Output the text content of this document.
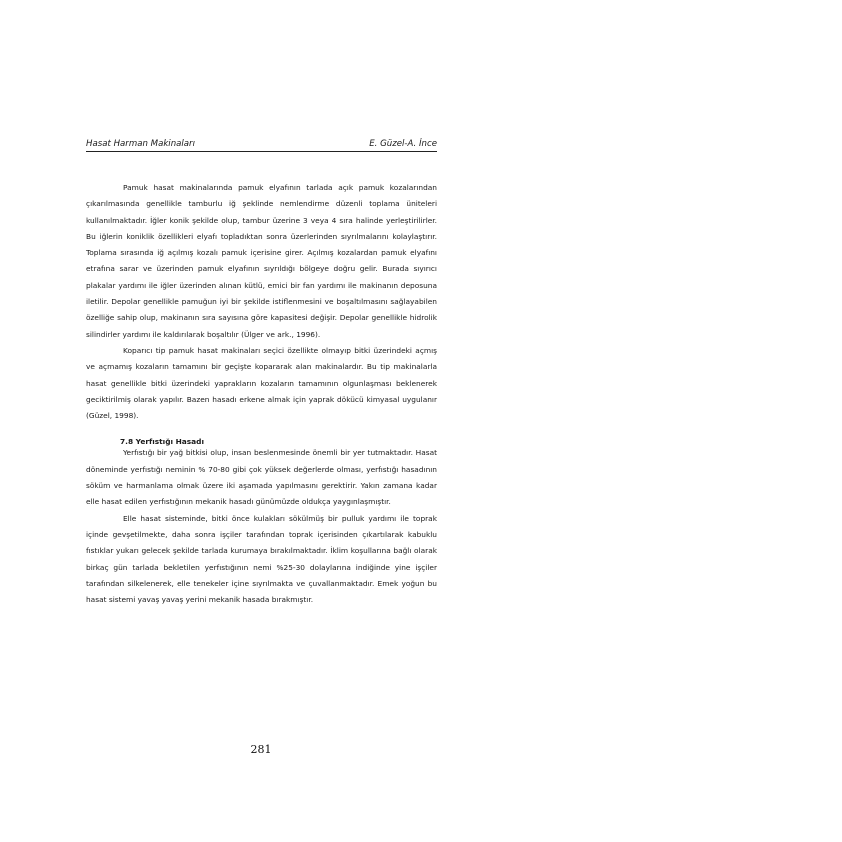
Hasat Harman Makinaları	E. Güzel-A. İnce

Pamuk hasat makinalarında pamuk elyafının tarlada açık pamuk kozalarından çıkarılmasında genellikle tamburlu iğ şeklinde nemlendirme düzenli toplama üniteleri kullanılmaktadır. İğler konik şekilde olup, tambur üzerine 3 veya 4 sıra halinde yerleştirilirler. Bu iğlerin koniklik özellikleri elyafı topladıktan sonra üzerlerinden sıyrılmalarını kolaylaştırır. Toplama sırasında iğ açılmış kozalı pamuk içerisine girer. Açılmış kozalardan pamuk elyafını etrafına sarar ve üzerinden pamuk elyafının sıyrıldığı bölgeye doğru gelir. Burada sıyırıcı plakalar yardımı ile iğler üzerinden alınan kütlü, emici bir fan yardımı ile makinanın deposuna iletilir. Depolar genellikle pamuğun iyi bir şekilde istiflenmesini ve boşaltılmasını sağlayabilen özelliğe sahip olup, makinanın sıra sayısına göre kapasitesi değişir. Depolar genellikle hidrolik silindirler yardımı ile kaldırılarak boşaltılır (Ülger ve ark., 1996).

Koparıcı tip pamuk hasat makinaları seçici özellikte olmayıp bitki üzerindeki açmış ve açmamış kozaların tamamını bir geçişte kopararak alan makinalardır. Bu tip makinalarla hasat genellikle bitki üzerindeki yaprakların kozaların tamamının olgunlaşması beklenerek geciktirilmiş olarak yapılır. Bazen hasadı erkene almak için yaprak dökücü kimyasal uygulanır (Güzel, 1998).

7.8 Yerfıstığı Hasadı

Yerfıstığı bir yağ bitkisi olup, insan beslenmesinde önemli bir yer tutmaktadır. Hasat döneminde yerfıstığı neminin % 70-80 gibi çok yüksek değerlerde olması, yerfıstığı hasadının söküm ve harmanlama olmak üzere iki aşamada yapılmasını gerektirir. Yakın zamana kadar elle hasat edilen yerfıstığının mekanik hasadı günümüzde oldukça yaygınlaşmıştır.

Elle hasat sisteminde, bitki önce kulakları sökülmüş bir pulluk yardımı ile toprak içinde gevşetilmekte, daha sonra işçiler tarafından toprak içerisinden çıkartılarak kabuklu fıstıklar yukarı gelecek şekilde tarlada kurumaya bırakılmaktadır. İklim koşullarına bağlı olarak birkaç gün tarlada bekletilen yerfıstığının nemi %25-30 dolaylarına indiğinde yine işçiler tarafından silkelenerek, elle tenekeler içine sıyrılmakta ve çuvallanmaktadır. Emek yoğun bu hasat sistemi yavaş yavaş yerini mekanik hasada bırakmıştır.

281
